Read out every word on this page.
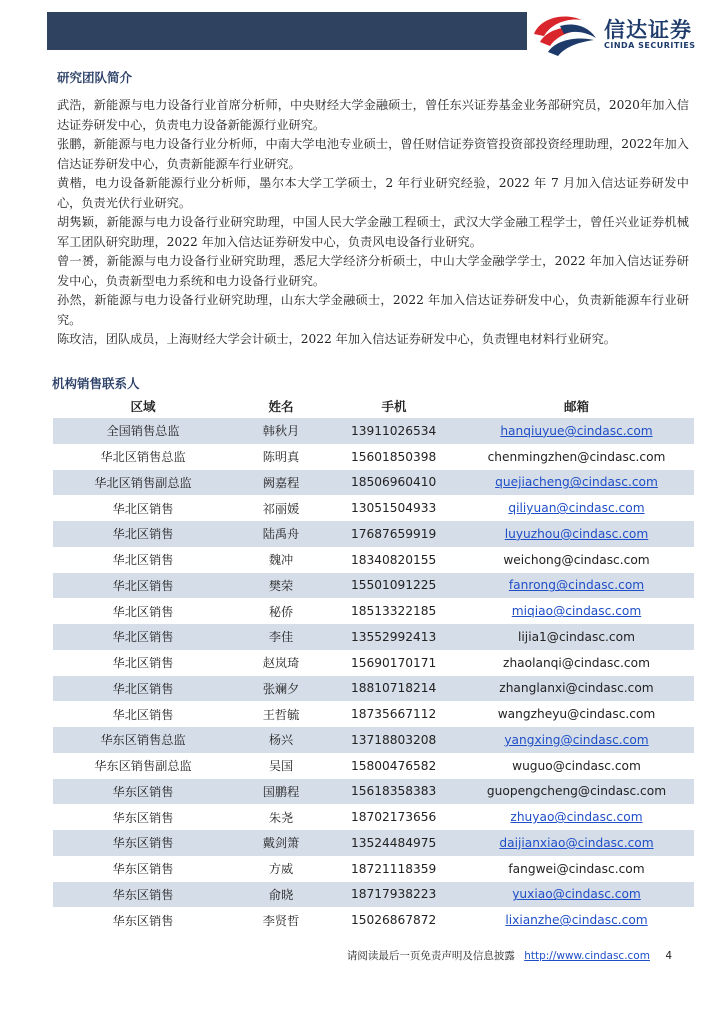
信达证券
CINDA SECURITIES
研究团队简介

武浩，新能源与电力设备行业首席分析师，中央财经大学金融硕士，曾任东兴证券基金业务部研究员，2020年加入信达证券研发中心，负责电力设备新能源行业研究。

张鹏，新能源与电力设备行业分析师，中南大学电池专业硕士，曾任财信证券资管投资部投资经理助理，2022年加入信达证券研发中心，负责新能源车行业研究。

黄楷，电力设备新能源行业分析师，墨尔本大学工学硕士，2 年行业研究经验，2022 年 7 月加入信达证券研发中心，负责光伏行业研究。

胡隽颖，新能源与电力设备行业研究助理，中国人民大学金融工程硕士，武汉大学金融工程学士，曾任兴业证券机械军工团队研究助理，2022 年加入信达证券研发中心，负责风电设备行业研究。

曾一赟，新能源与电力设备行业研究助理，悉尼大学经济分析硕士，中山大学金融学学士，2022 年加入信达证券研发中心，负责新型电力系统和电力设备行业研究。

孙然，新能源与电力设备行业研究助理，山东大学金融硕士，2022 年加入信达证券研发中心，负责新能源车行业研究。

陈玫洁，团队成员，上海财经大学会计硕士，2022 年加入信达证券研发中心，负责锂电材料行业研究。

机构销售联系人
区域	姓名	手机	邮箱
全国销售总监	韩秋月	13911026534	hanqiuyue@cindasc.com
华北区销售总监	陈明真	15601850398	chenmingzhen@cindasc.com
华北区销售副总监	阙嘉程	18506960410	quejiacheng@cindasc.com
华北区销售	祁丽媛	13051504933	qiliyuan@cindasc.com
华北区销售	陆禹舟	17687659919	luyuzhou@cindasc.com
华北区销售	魏冲	18340820155	weichong@cindasc.com
华北区销售	樊荣	15501091225	fanrong@cindasc.com
华北区销售	秘侨	18513322185	miqiao@cindasc.com
华北区销售	李佳	13552992413	lijia1@cindasc.com
华北区销售	赵岚琦	15690170171	zhaolanqi@cindasc.com
华北区销售	张斓夕	18810718214	zhanglanxi@cindasc.com
华北区销售	王哲毓	18735667112	wangzheyu@cindasc.com
华东区销售总监	杨兴	13718803208	yangxing@cindasc.com
华东区销售副总监	吴国	15800476582	wuguo@cindasc.com
华东区销售	国鹏程	15618358383	guopengcheng@cindasc.com
华东区销售	朱尧	18702173656	zhuyao@cindasc.com
华东区销售	戴剑箫	13524484975	daijianxiao@cindasc.com
华东区销售	方威	18721118359	fangwei@cindasc.com
华东区销售	俞晓	18717938223	yuxiao@cindasc.com
华东区销售	李贤哲	15026867872	lixianzhe@cindasc.com
请阅读最后一页免责声明及信息披露 http://www.cindasc.com 4
